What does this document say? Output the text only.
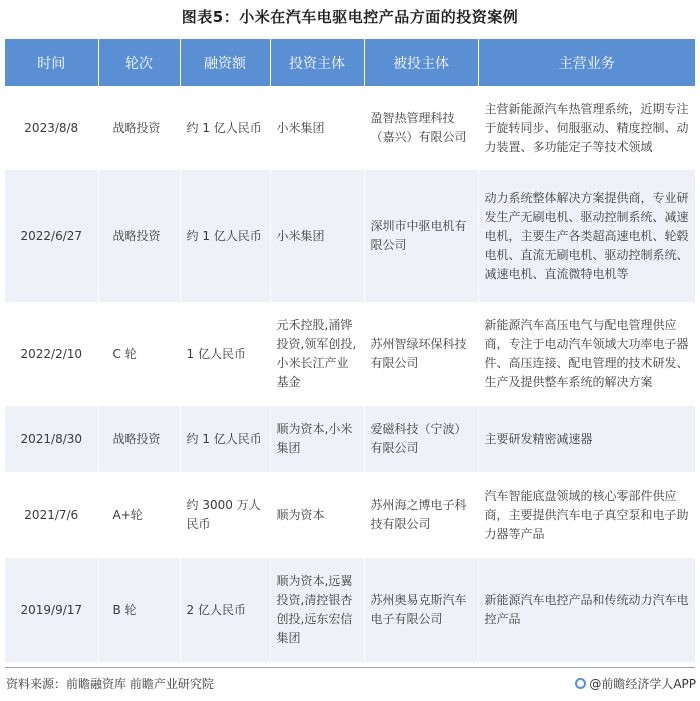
图表5：小米在汽车电驱电控产品方面的投资案例
时间	轮次	融资额	投资主体	被投主体	主营业务
2023/8/8	战略投资	约 1 亿人民币	小米集团	盈智热管理科技（嘉兴）有限公司	主营新能源汽车热管理系统，近期专注于旋转同步、伺服驱动、精度控制、动力装置、多功能定子等技术领域
2022/6/27	战略投资	约 1 亿人民币	小米集团	深圳市中驱电机有限公司	动力系统整体解决方案提供商，专业研发生产无刷电机、驱动控制系统、减速电机，主要生产各类超高速电机、轮毂电机、直流无刷电机、驱动控制系统、减速电机、直流微特电机等
2022/2/10	C 轮	1 亿人民币	元禾控股,涌铧投资,领军创投,小米长江产业基金	苏州智绿环保科技有限公司	新能源汽车高压电气与配电管理供应商，专注于电动汽车领域大功率电子器件、高压连接、配电管理的技术研发、生产及提供整车系统的解决方案
2021/8/30	战略投资	约 1 亿人民币	顺为资本,小米集团	爱磁科技（宁波）有限公司	主要研发精密减速器
2021/7/6	A+轮	约 3000 万人民币	顺为资本	苏州海之博电子科技有限公司	汽车智能底盘领域的核心零部件供应商，主要提供汽车电子真空泵和电子助力器等产品
2019/9/17	B 轮	2 亿人民币	顺为资本,远翼投资,清控银杏创投,远东宏信集团	苏州奥易克斯汽车电子有限公司	新能源汽车电控产品和传统动力汽车电控产品
资料来源：前瞻融资库 前瞻产业研究院	@前瞻经济学人APP
